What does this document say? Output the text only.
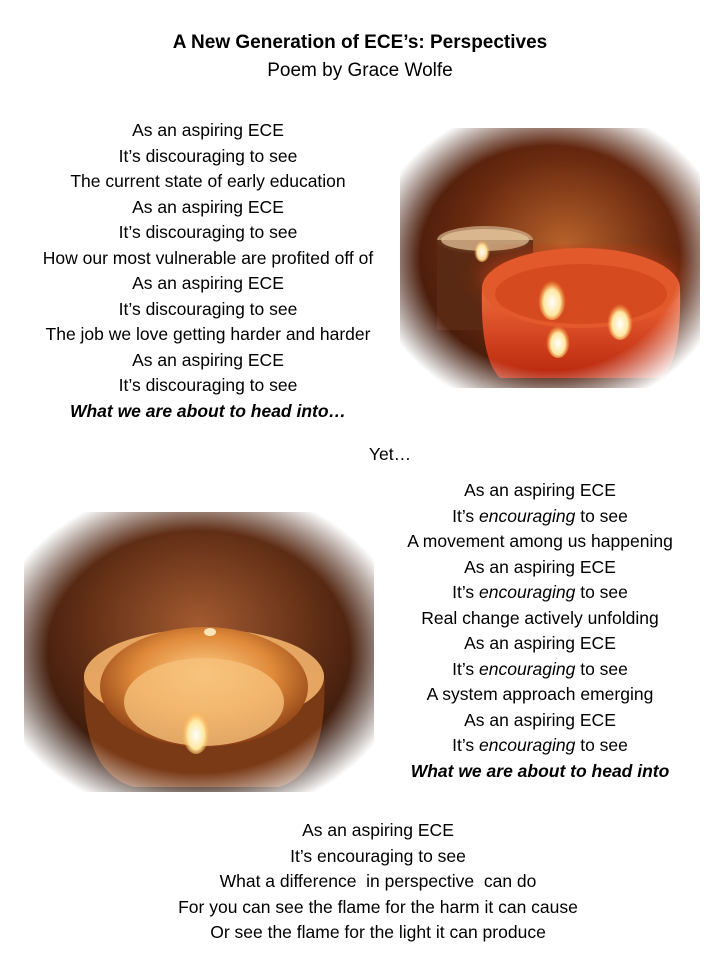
A New Generation of ECE’s: Perspectives
Poem by Grace Wolfe
As an aspiring ECE
It’s discouraging to see
The current state of early education
As an aspiring ECE
It’s discouraging to see
How our most vulnerable are profited off of
As an aspiring ECE
It’s discouraging to see
The job we love getting harder and harder
As an aspiring ECE
It’s discouraging to see
What we are about to head into…
Yet…
As an aspiring ECE
It’s encouraging to see
A movement among us happening
As an aspiring ECE
It’s encouraging to see
Real change actively unfolding
As an aspiring ECE
It’s encouraging to see
A system approach emerging
As an aspiring ECE
It’s encouraging to see
What we are about to head into
As an aspiring ECE
It’s encouraging to see
What a difference  in perspective  can do
For you can see the flame for the harm it can cause
Or see the flame for the light it can produce
